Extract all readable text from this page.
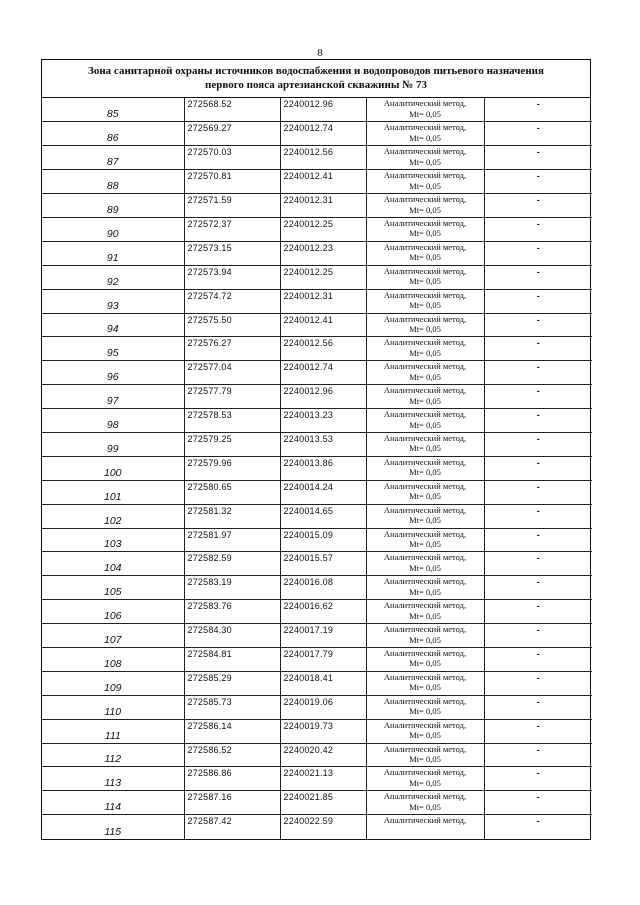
8
Зона санитарной охраны источников водоспабжения и водопроводов питьевого назначения
первого пояса артезианской скважины № 73
85	272568.52	2240012.96	Аналитический метод,
Mt= 0,05	-
86	272569.27	2240012.74	Аналитический метод,
Mt= 0,05	-
87	272570.03	2240012.56	Аналитический метод,
Mt= 0,05	-
88	272570.81	2240012.41	Аналитический метод,
Mt= 0,05	-
89	272571.59	2240012.31	Аналитический метод,
Mt= 0,05	-
90	272572.37	2240012.25	Аналитический метод,
Mt= 0,05	-
91	272573.15	2240012.23	Аналитический метод,
Mt= 0,05	-
92	272573.94	2240012.25	Аналитический метод,
Mt= 0,05	-
93	272574.72	2240012.31	Аналитический метод,
Mt= 0,05	-
94	272575.50	2240012.41	Аналитический метод,
Mt= 0,05	-
95	272576.27	2240012.56	Аналитический метод,
Mt= 0,05	-
96	272577.04	2240012.74	Аналитический метод,
Mt= 0,05	-
97	272577.79	2240012.96	Аналитический метод,
Mt= 0,05	-
98	272578.53	2240013.23	Аналитический метод,
Mt= 0,05	-
99	272579.25	2240013.53	Аналитический метод,
Mt= 0,05	-
100	272579.96	2240013.86	Аналитический метод,
Mt= 0,05	-
101	272580.65	2240014.24	Аналитический метод,
Mt= 0,05	-
102	272581.32	2240014.65	Аналитический метод,
Mt= 0,05	-
103	272581.97	2240015.09	Аналитический метод,
Mt= 0,05	-
104	272582.59	2240015.57	Аналитический метод,
Mt= 0,05	-
105	272583.19	2240016.08	Аналитический метод,
Mt= 0,05	-
106	272583.76	2240016.62	Аналитический метод,
Mt= 0,05	-
107	272584.30	2240017.19	Аналитический метод,
Mt= 0,05	-
108	272584.81	2240017.79	Аналитический метод,
Mt= 0,05	-
109	272585.29	2240018.41	Аналитический метод,
Mt= 0,05	-
110	272585.73	2240019.06	Аналитический метод,
Mt= 0,05	-
111	272586.14	2240019.73	Аналитический метод,
Mt= 0,05	-
112	272586.52	2240020.42	Аналитический метод,
Mt= 0,05	-
113	272586.86	2240021.13	Аналитический метод,
Mt= 0,05	-
114	272587.16	2240021.85	Аналитический метод,
Mt= 0,05	-
115	272587.42	2240022.59	Аналитический метод,	-
